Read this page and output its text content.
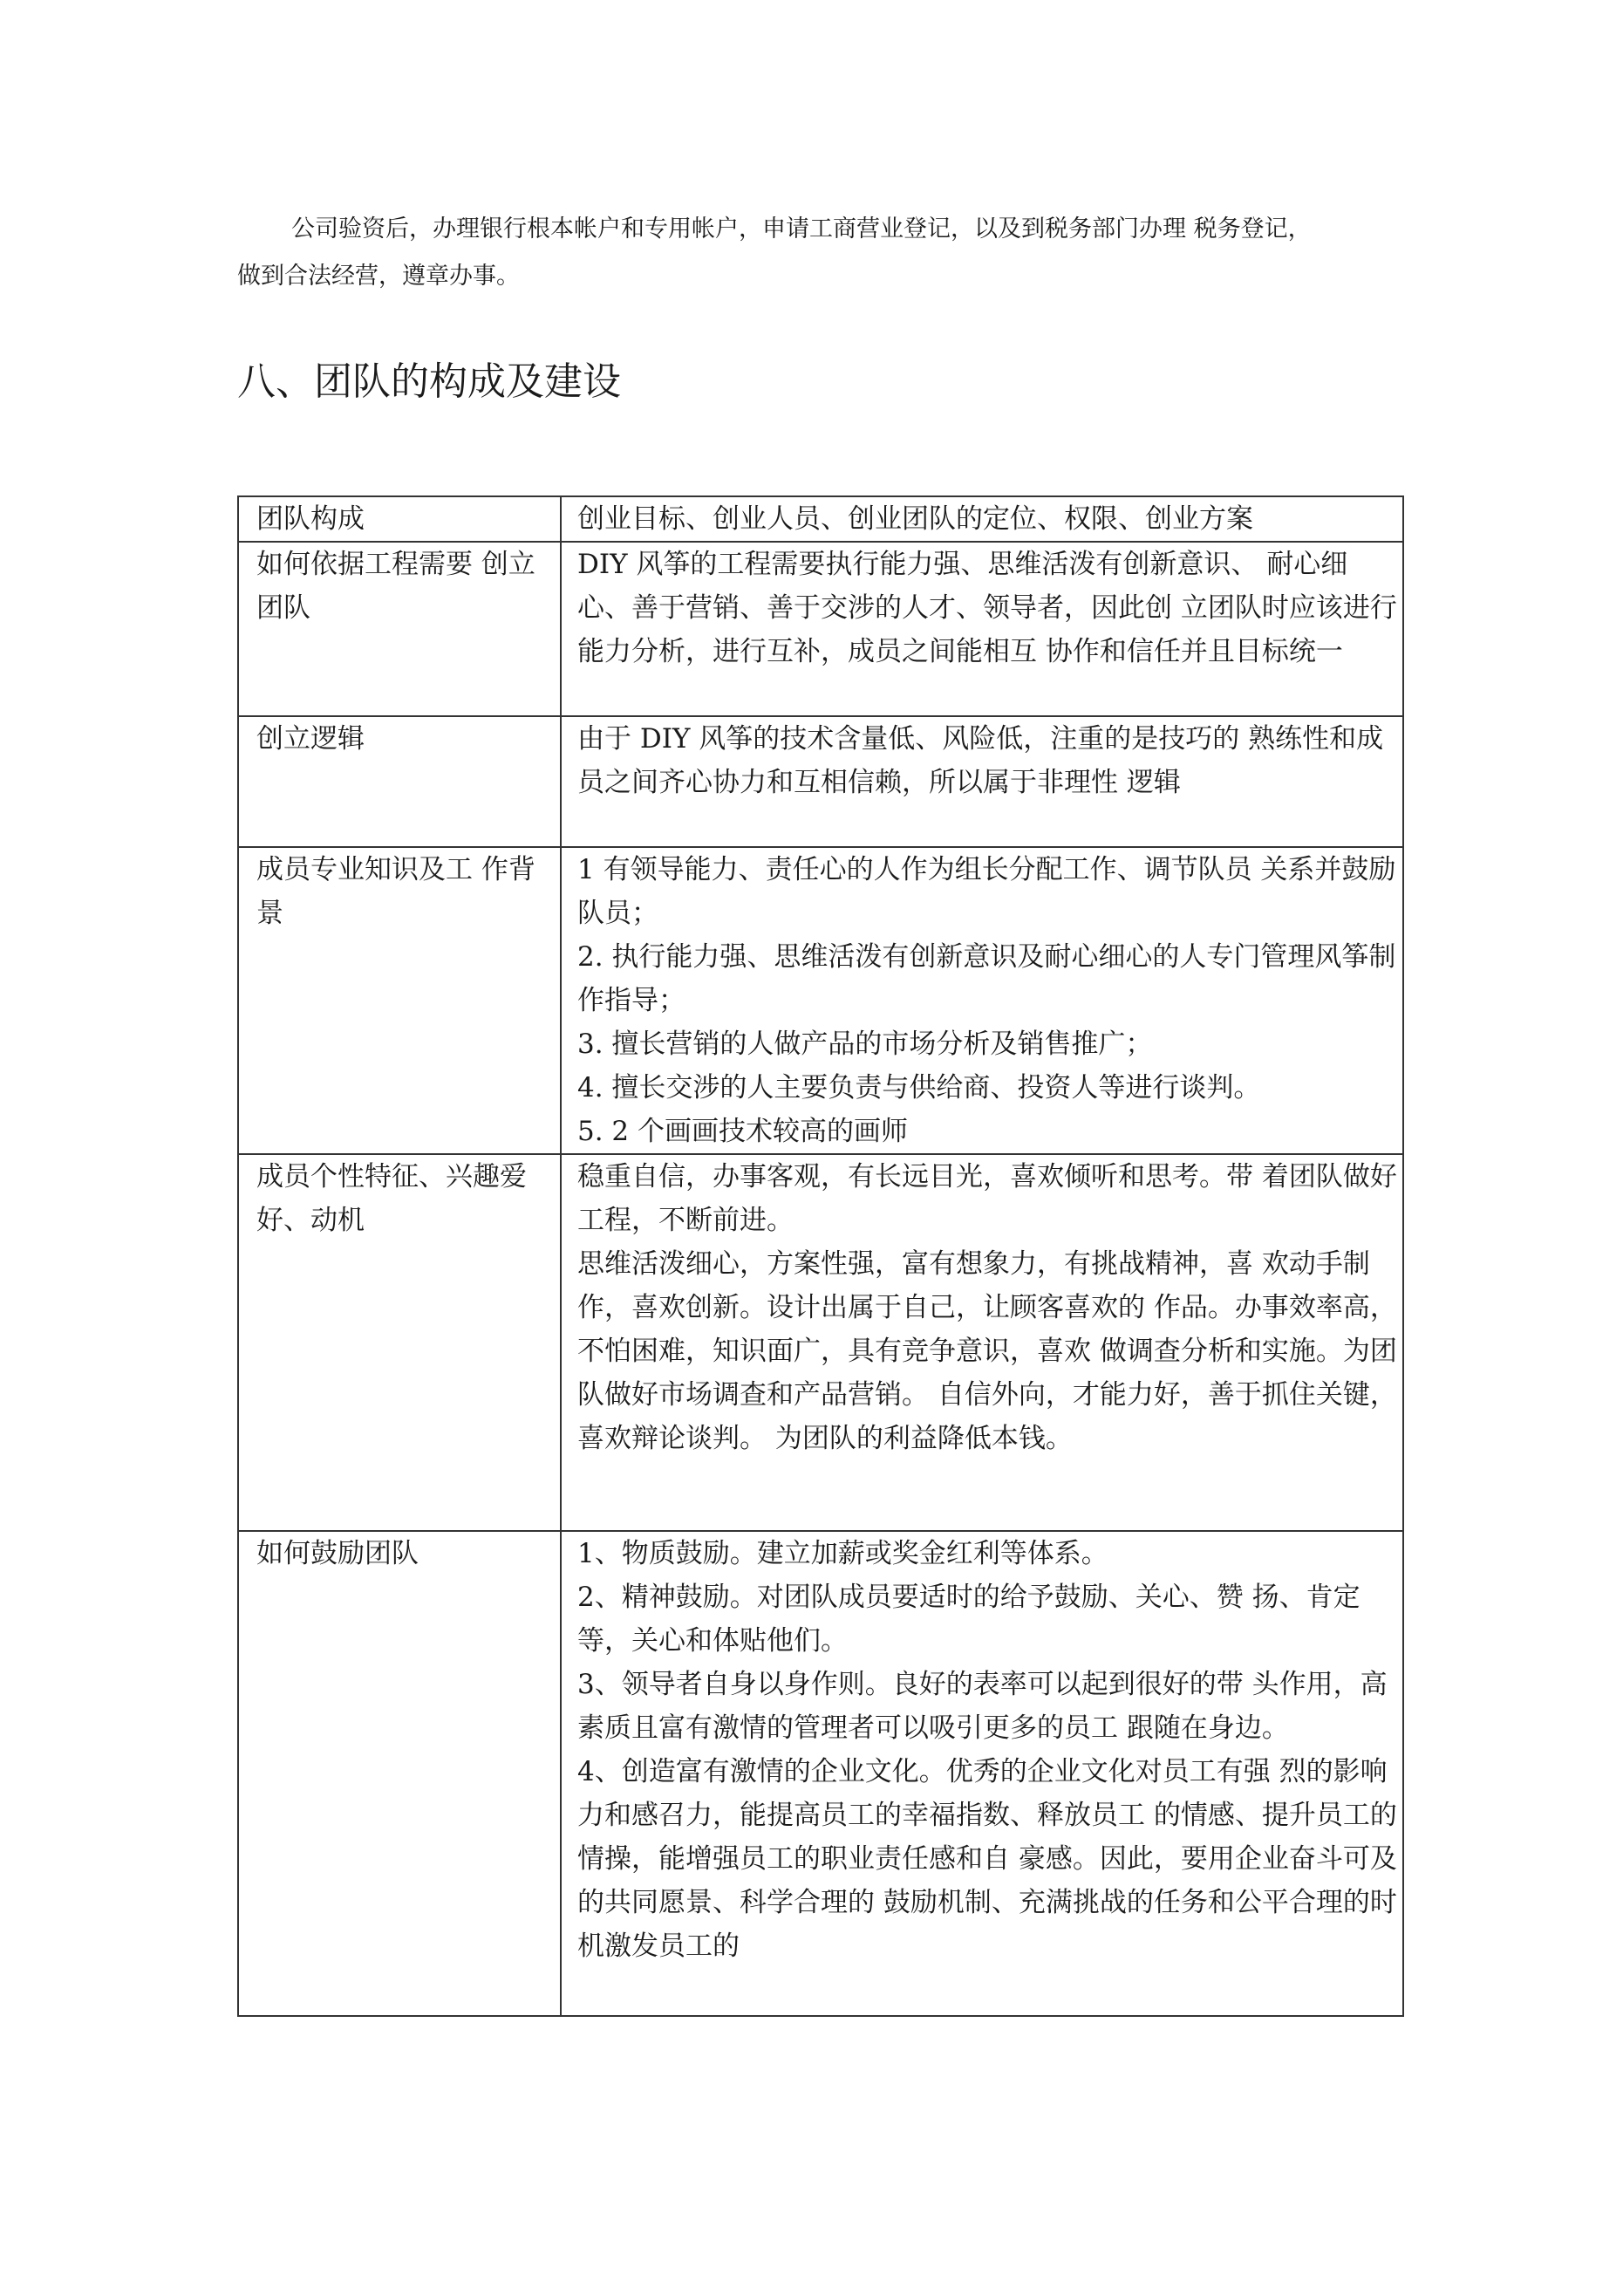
公司验资后，办理银行根本帐户和专用帐户，申请工商营业登记，以及到税务部门办理 税务登记，
做到合法经营，遵章办事。

八、团队的构成及建设
团队构成	创业目标、创业人员、创业团队的定位、权限、创业方案

如何依据工程需要 创立团队	DIY 风筝的工程需要执行能力强、思维活泼有创新意识、 耐心细心、善于营销、善于交涉的人才、领导者，因此创 立团队时应该进行能力分析，进行互补，成员之间能相互 协作和信任并且目标统一

创立逻辑	由于 DIY 风筝的技术含量低、风险低，注重的是技巧的 熟练性和成员之间齐心协力和互相信赖，所以属于非理性 逻辑

成员专业知识及工 作背景	1 有领导能力、责任心的人作为组长分配工作、调节队员 关系并鼓励队员；
2. 执行能力强、思维活泼有创新意识及耐心细心的人专门管理风筝制作指导；
3. 擅长营销的人做产品的市场分析及销售推广；
4. 擅长交涉的人主要负责与供给商、投资人等进行谈判。
5. 2 个画画技术较高的画师

成员个性特征、兴趣爱好、动机	稳重自信，办事客观，有长远目光，喜欢倾听和思考。带 着团队做好工程，不断前进。
思维活泼细心，方案性强，富有想象力，有挑战精神，喜 欢动手制作，喜欢创新。设计出属于自己，让顾客喜欢的 作品。办事效率高，不怕困难，知识面广，具有竞争意识，喜欢 做调查分析和实施。为团队做好市场调查和产品营销。 自信外向，才能力好，善于抓住关键，喜欢辩论谈判。 为团队的利益降低本钱。

如何鼓励团队	1、物质鼓励。建立加薪或奖金红利等体系。
2、精神鼓励。对团队成员要适时的给予鼓励、关心、赞 扬、肯定等，关心和体贴他们。
3、领导者自身以身作则。良好的表率可以起到很好的带 头作用，高素质且富有激情的管理者可以吸引更多的员工 跟随在身边。
4、创造富有激情的企业文化。优秀的企业文化对员工有强 烈的影响力和感召力，能提高员工的幸福指数、释放员工 的情感、提升员工的情操，能增强员工的职业责任感和自 豪感。因此，要用企业奋斗可及的共同愿景、科学合理的 鼓励机制、充满挑战的任务和公平合理的时机激发员工的
